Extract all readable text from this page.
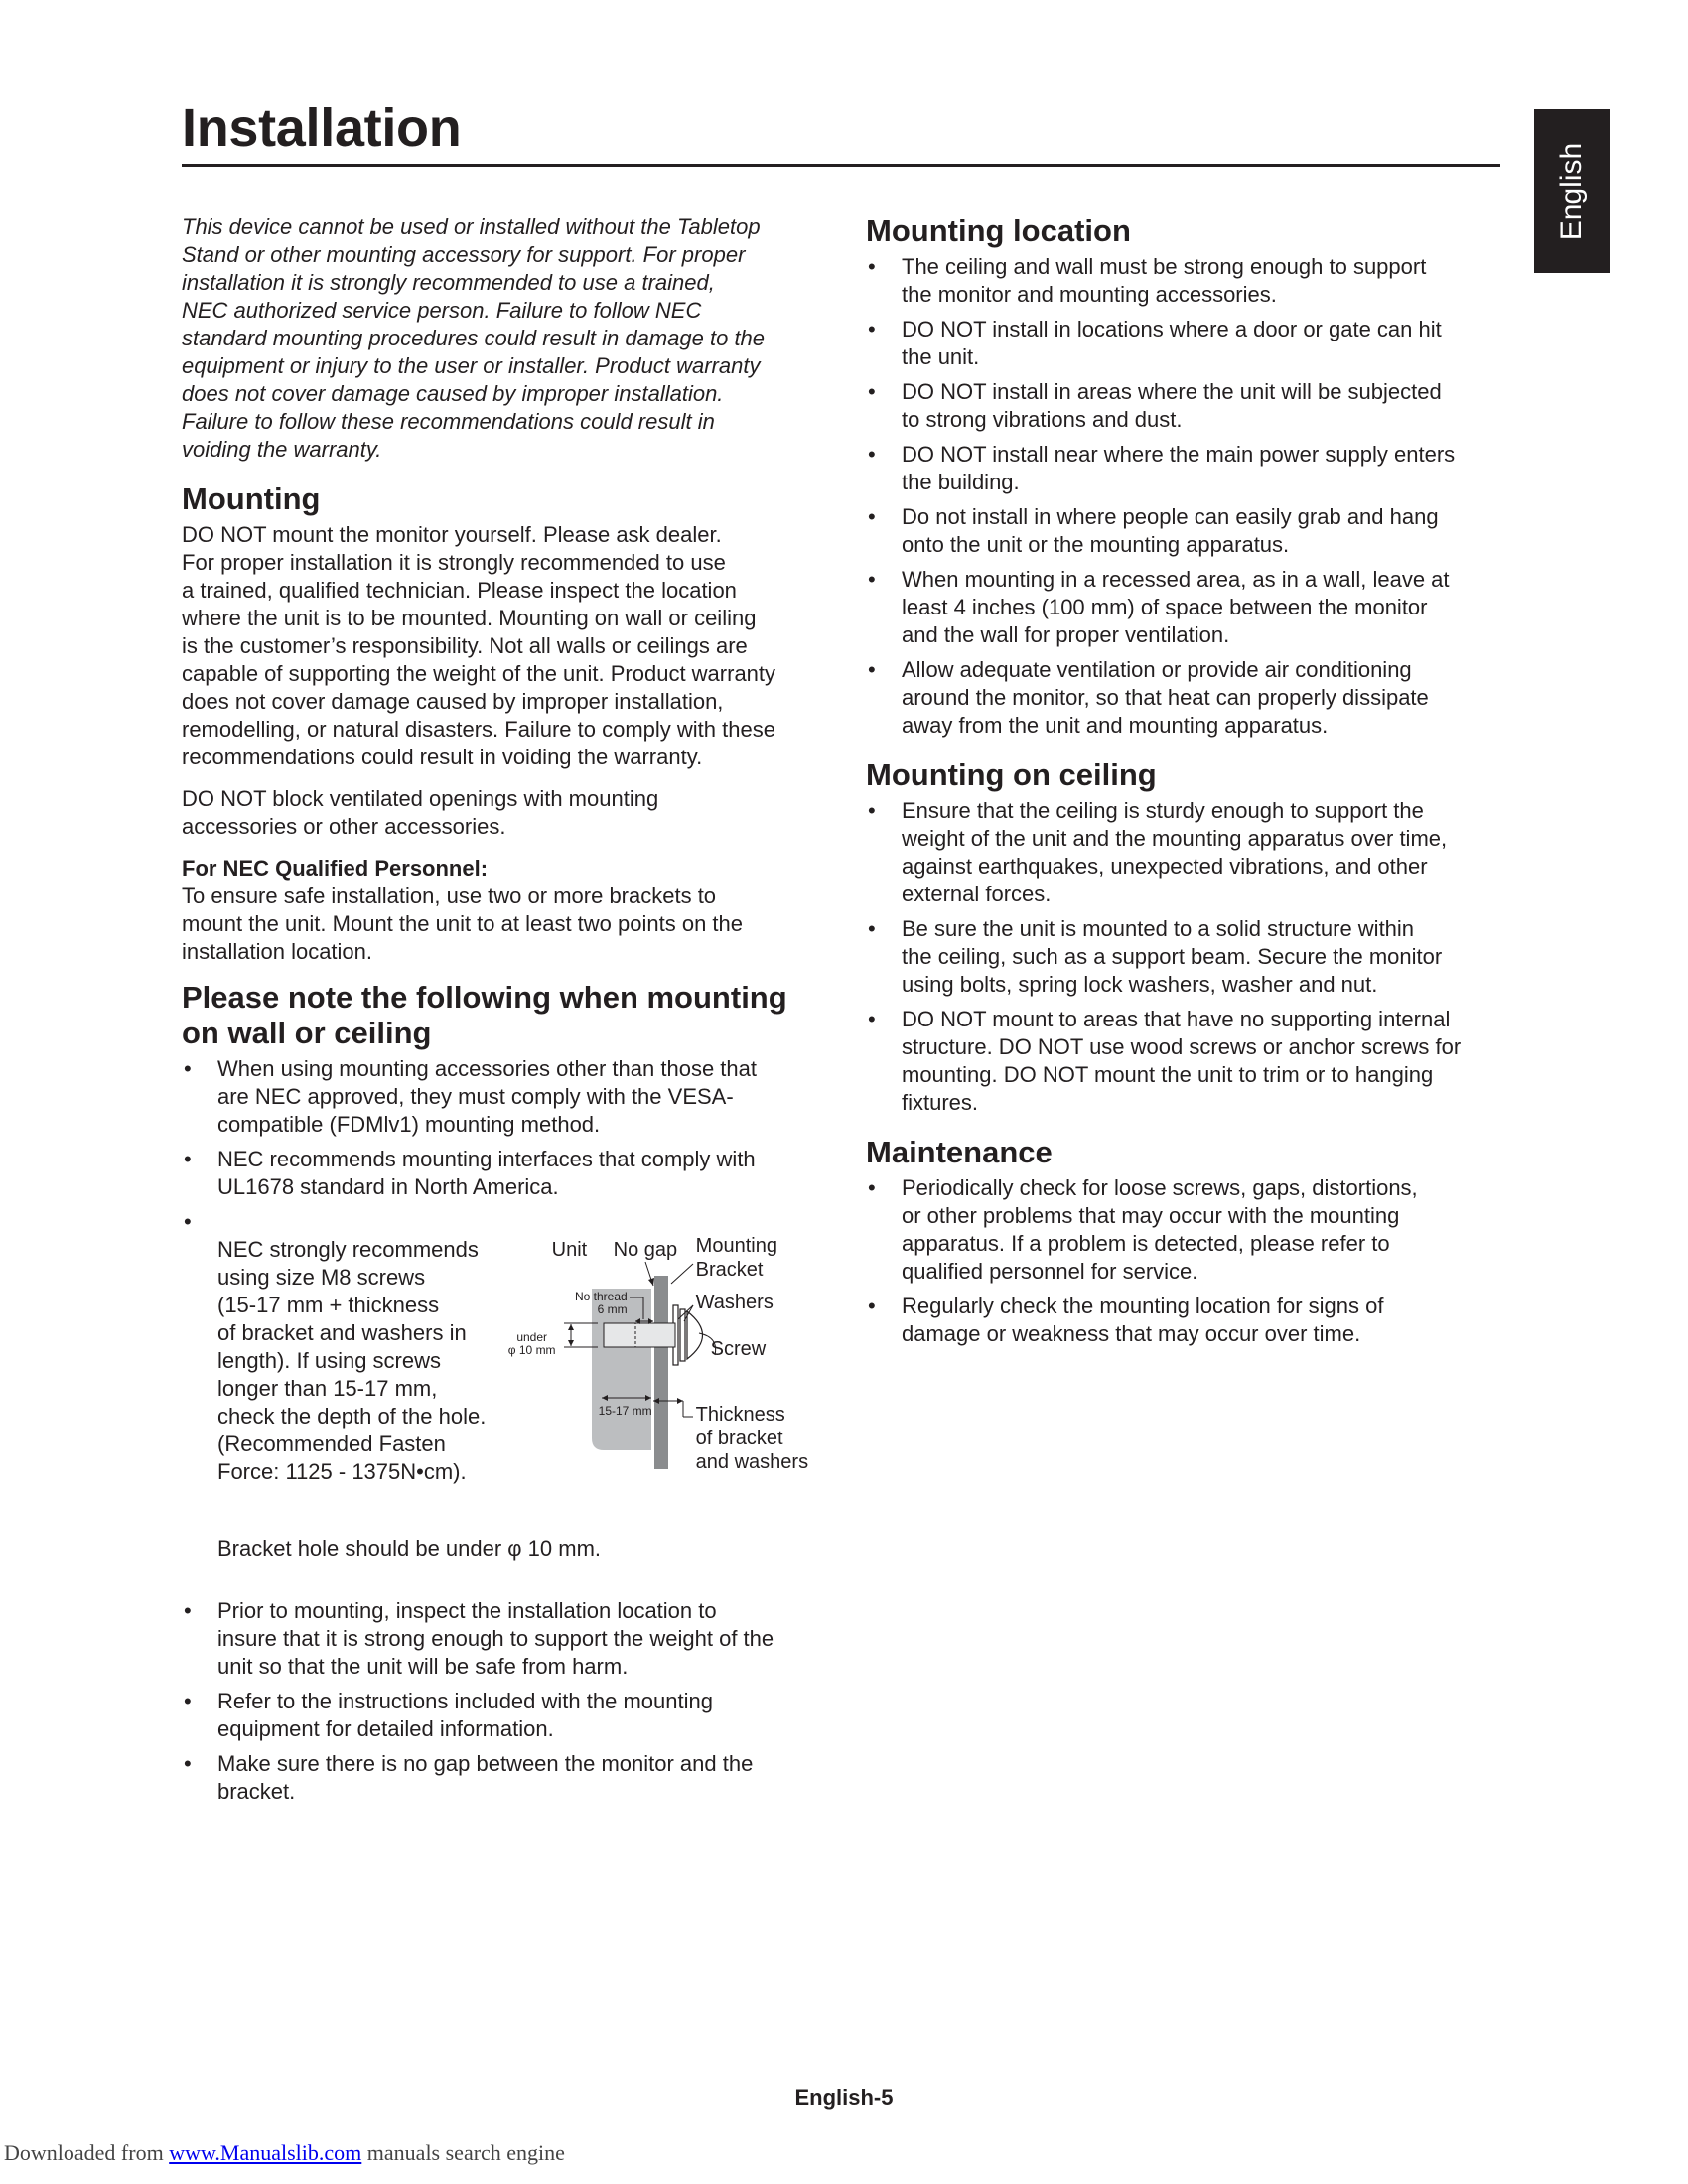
Installation
English

This device cannot be used or installed without the Tabletop
Stand or other mounting accessory for support. For proper
installation it is strongly recommended to use a trained,
NEC authorized service person. Failure to follow NEC
standard mounting procedures could result in damage to the
equipment or injury to the user or installer. Product warranty
does not cover damage caused by improper installation.
Failure to follow these recommendations could result in
voiding the warranty.

Mounting

DO NOT mount the monitor yourself. Please ask dealer.
For proper installation it is strongly recommended to use
a trained, qualified technician. Please inspect the location
where the unit is to be mounted. Mounting on wall or ceiling
is the customer’s responsibility. Not all walls or ceilings are
capable of supporting the weight of the unit. Product warranty
does not cover damage caused by improper installation,
remodelling, or natural disasters. Failure to comply with these
recommendations could result in voiding the warranty.

DO NOT block ventilated openings with mounting
accessories or other accessories.

For NEC Qualified Personnel:

To ensure safe installation, use two or more brackets to
mount the unit. Mount the unit to at least two points on the
installation location.

Please note the following when mounting
on wall or ceiling
• When using mounting accessories other than those that
are NEC approved, they must comply with the VESA-
compatible (FDMlv1) mounting method.
• NEC recommends mounting interfaces that comply with
UL1678 standard in North America.

• NEC strongly recommends
using size M8 screws
(15-17 mm + thickness
of bracket and washers in
length). If using screws
longer than 15-17 mm,
check the depth of the hole.
(Recommended Fasten
Force: 1125 - 1375N•cm).

Unit No gap Mounting
Bracket

Washers

Screw

Thickness
of bracket
and washers

No thread
6 mm

under
φ 10 mm

15-17 mm

Bracket hole should be under φ 10 mm.

• Prior to mounting, inspect the installation location to
insure that it is strong enough to support the weight of the
unit so that the unit will be safe from harm.
• Refer to the instructions included with the mounting
equipment for detailed information.
• Make sure there is no gap between the monitor and the
bracket.
Mounting location
• The ceiling and wall must be strong enough to support
the monitor and mounting accessories.
• DO NOT install in locations where a door or gate can hit
the unit.
• DO NOT install in areas where the unit will be subjected
to strong vibrations and dust.
• DO NOT install near where the main power supply enters
the building.
• Do not install in where people can easily grab and hang
onto the unit or the mounting apparatus.
• When mounting in a recessed area, as in a wall, leave at
least 4 inches (100 mm) of space between the monitor
and the wall for proper ventilation.
• Allow adequate ventilation or provide air conditioning
around the monitor, so that heat can properly dissipate
away from the unit and mounting apparatus.
Mounting on ceiling
• Ensure that the ceiling is sturdy enough to support the
weight of the unit and the mounting apparatus over time,
against earthquakes, unexpected vibrations, and other
external forces.
• Be sure the unit is mounted to a solid structure within
the ceiling, such as a support beam. Secure the monitor
using bolts, spring lock washers, washer and nut.
• DO NOT mount to areas that have no supporting internal
structure. DO NOT use wood screws or anchor screws for
mounting. DO NOT mount the unit to trim or to hanging
fixtures.
Maintenance
• Periodically check for loose screws, gaps, distortions,
or other problems that may occur with the mounting
apparatus. If a problem is detected, please refer to
qualified personnel for service.
• Regularly check the mounting location for signs of
damage or weakness that may occur over time.
English-5
Downloaded from www.Manualslib.com manuals search engine
